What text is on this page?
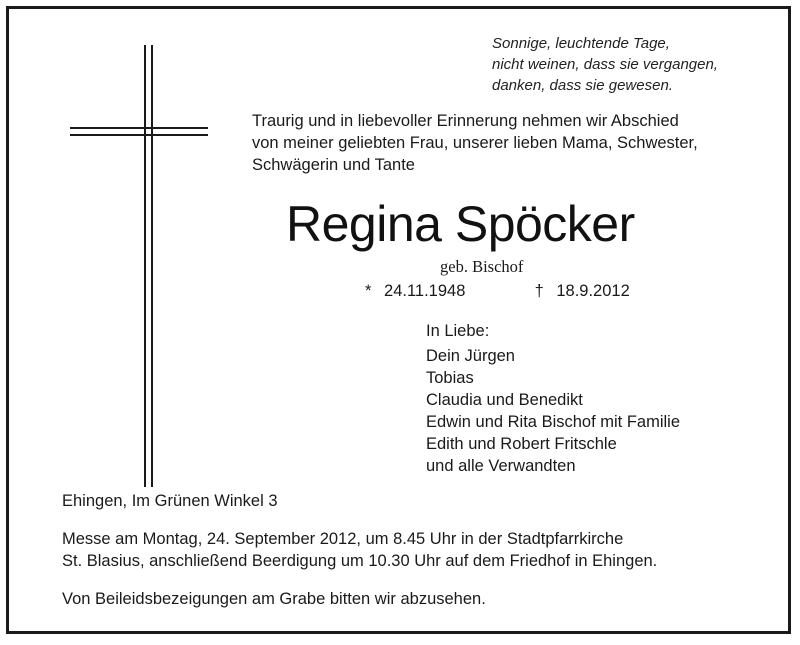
Sonnige, leuchtende Tage,
nicht weinen, dass sie vergangen,
danken, dass sie gewesen.
Traurig und in liebevoller Erinnerung nehmen wir Abschied
von meiner geliebten Frau, unserer lieben Mama, Schwester,
Schwägerin und Tante
Regina Spöcker
geb. Bischof
* 24.11.1948	† 18.9.2012
In Liebe:
Dein Jürgen
Tobias
Claudia und Benedikt
Edwin und Rita Bischof mit Familie
Edith und Robert Fritschle
und alle Verwandten
Ehingen, Im Grünen Winkel 3
Messe am Montag, 24. September 2012, um 8.45 Uhr in der Stadtpfarrkirche
St. Blasius, anschließend Beerdigung um 10.30 Uhr auf dem Friedhof in Ehingen.
Von Beileidsbezeigungen am Grabe bitten wir abzusehen.
